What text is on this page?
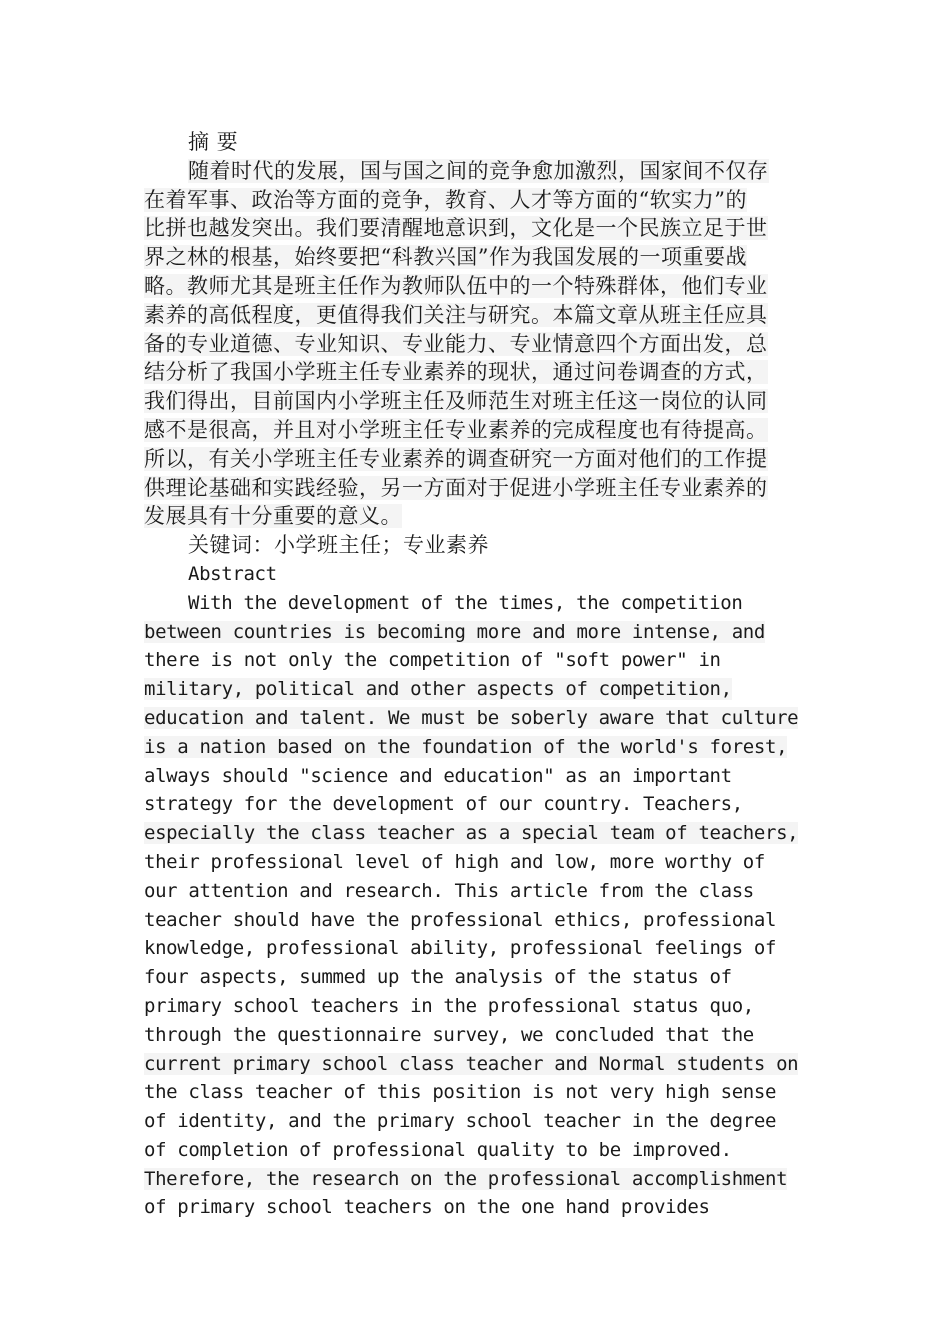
摘 要
随着时代的发展，国与国之间的竞争愈加激烈，国家间不仅存
在着军事、政治等方面的竞争，教育、人才等方面的“软实力”的
比拼也越发突出。我们要清醒地意识到，文化是一个民族立足于世
界之林的根基，始终要把“科教兴国”作为我国发展的一项重要战
略。教师尤其是班主任作为教师队伍中的一个特殊群体，他们专业
素养的高低程度，更值得我们关注与研究。本篇文章从班主任应具
备的专业道德、专业知识、专业能力、专业情意四个方面出发，总
结分析了我国小学班主任专业素养的现状，通过问卷调查的方式，
我们得出，目前国内小学班主任及师范生对班主任这一岗位的认同
感不是很高，并且对小学班主任专业素养的完成程度也有待提高。
所以，有关小学班主任专业素养的调查研究一方面对他们的工作提
供理论基础和实践经验，另一方面对于促进小学班主任专业素养的
发展具有十分重要的意义。
关键词：小学班主任；专业素养
Abstract
With the development of the times, the competition
between countries is becoming more and more intense, and
there is not only the competition of "soft power" in
military, political and other aspects of competition,
education and talent. We must be soberly aware that culture
is a nation based on the foundation of the world's forest,
always should "science and education" as an important
strategy for the development of our country. Teachers,
especially the class teacher as a special team of teachers,
their professional level of high and low, more worthy of
our attention and research. This article from the class
teacher should have the professional ethics, professional
knowledge, professional ability, professional feelings of
four aspects, summed up the analysis of the status of
primary school teachers in the professional status quo,
through the questionnaire survey, we concluded that the
current primary school class teacher and Normal students on
the class teacher of this position is not very high sense
of identity, and the primary school teacher in the degree
of completion of professional quality to be improved.
Therefore, the research on the professional accomplishment
of primary school teachers on the one hand provides
